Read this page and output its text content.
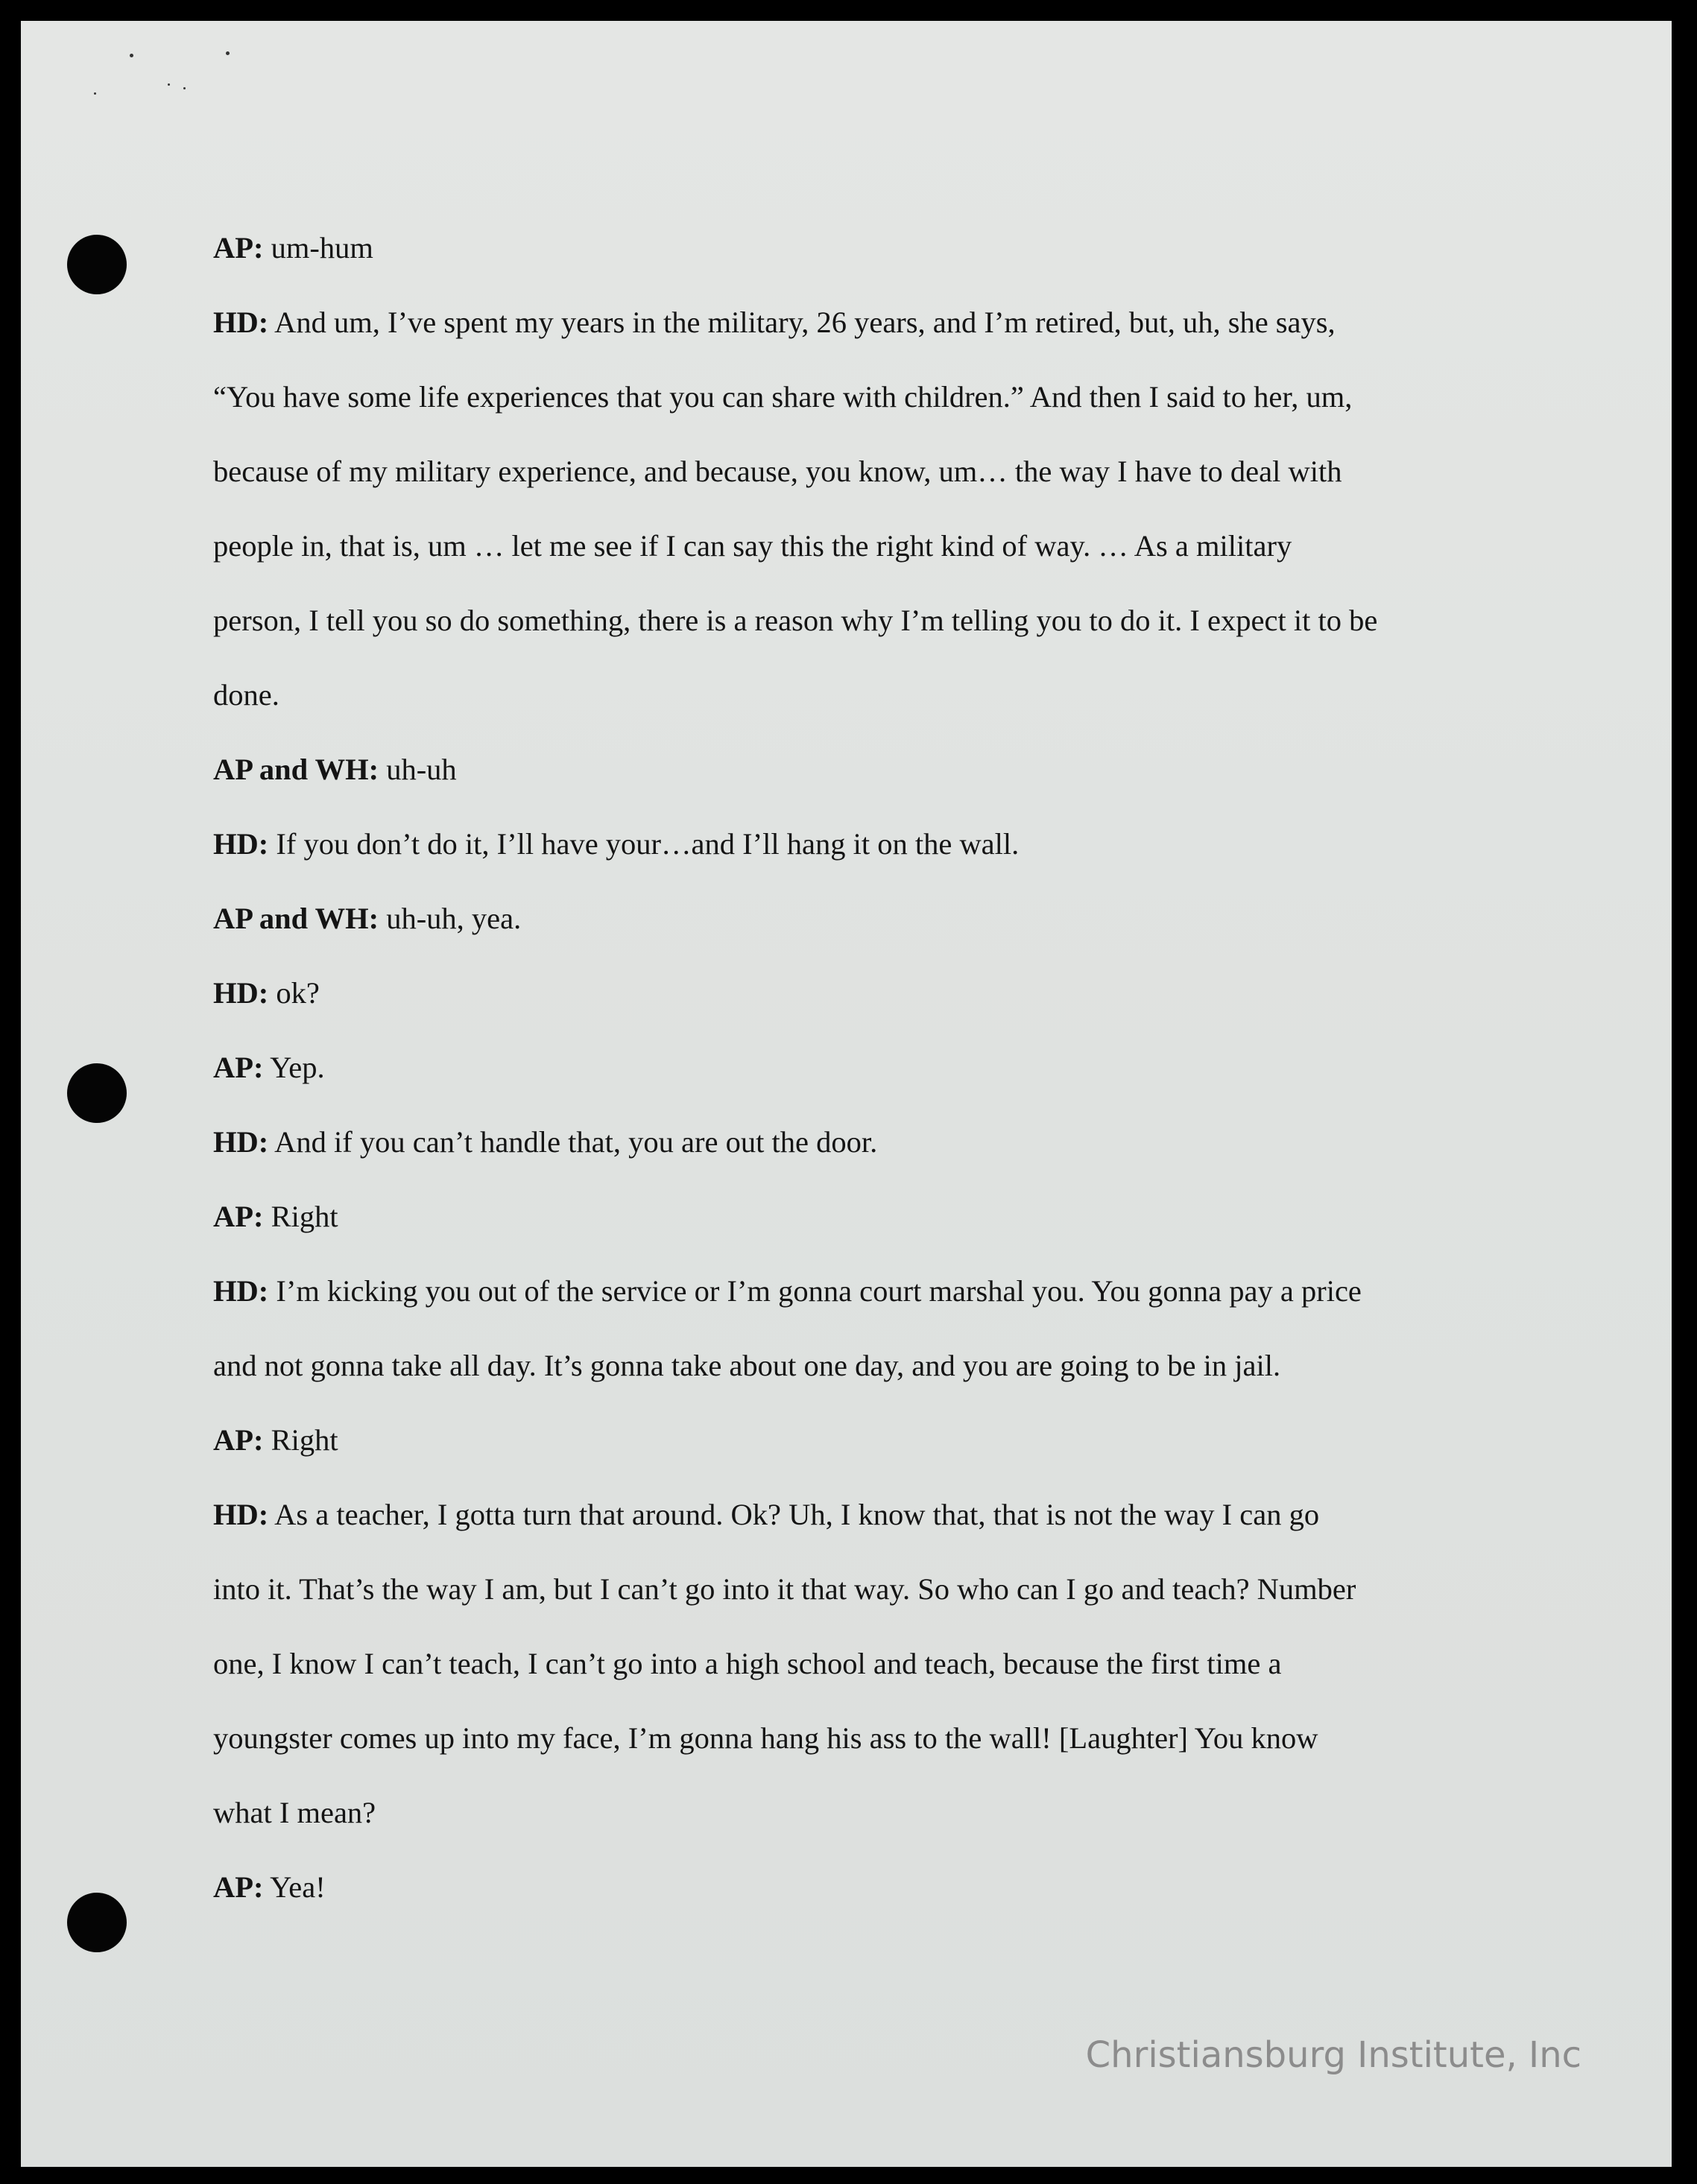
AP: um-hum
HD: And um, I’ve spent my years in the military, 26 years, and I’m retired, but, uh, she says,
“You have some life experiences that you can share with children.” And then I said to her, um,
because of my military experience, and because, you know, um… the way I have to deal with
people in, that is, um … let me see if I can say this the right kind of way. … As a military
person, I tell you so do something, there is a reason why I’m telling you to do it. I expect it to be
done.
AP and WH: uh-uh
HD: If you don’t do it, I’ll have your…and I’ll hang it on the wall.
AP and WH: uh-uh, yea.
HD: ok?
AP: Yep.
HD: And if you can’t handle that, you are out the door.
AP: Right
HD: I’m kicking you out of the service or I’m gonna court marshal you. You gonna pay a price
and not gonna take all day. It’s gonna take about one day, and you are going to be in jail.
AP: Right
HD: As a teacher, I gotta turn that around. Ok? Uh, I know that, that is not the way I can go
into it. That’s the way I am, but I can’t go into it that way. So who can I go and teach? Number
one, I know I can’t teach, I can’t go into a high school and teach, because the first time a
youngster comes up into my face, I’m gonna hang his ass to the wall! [Laughter] You know
what I mean?
AP: Yea!
Christiansburg Institute, Inc
